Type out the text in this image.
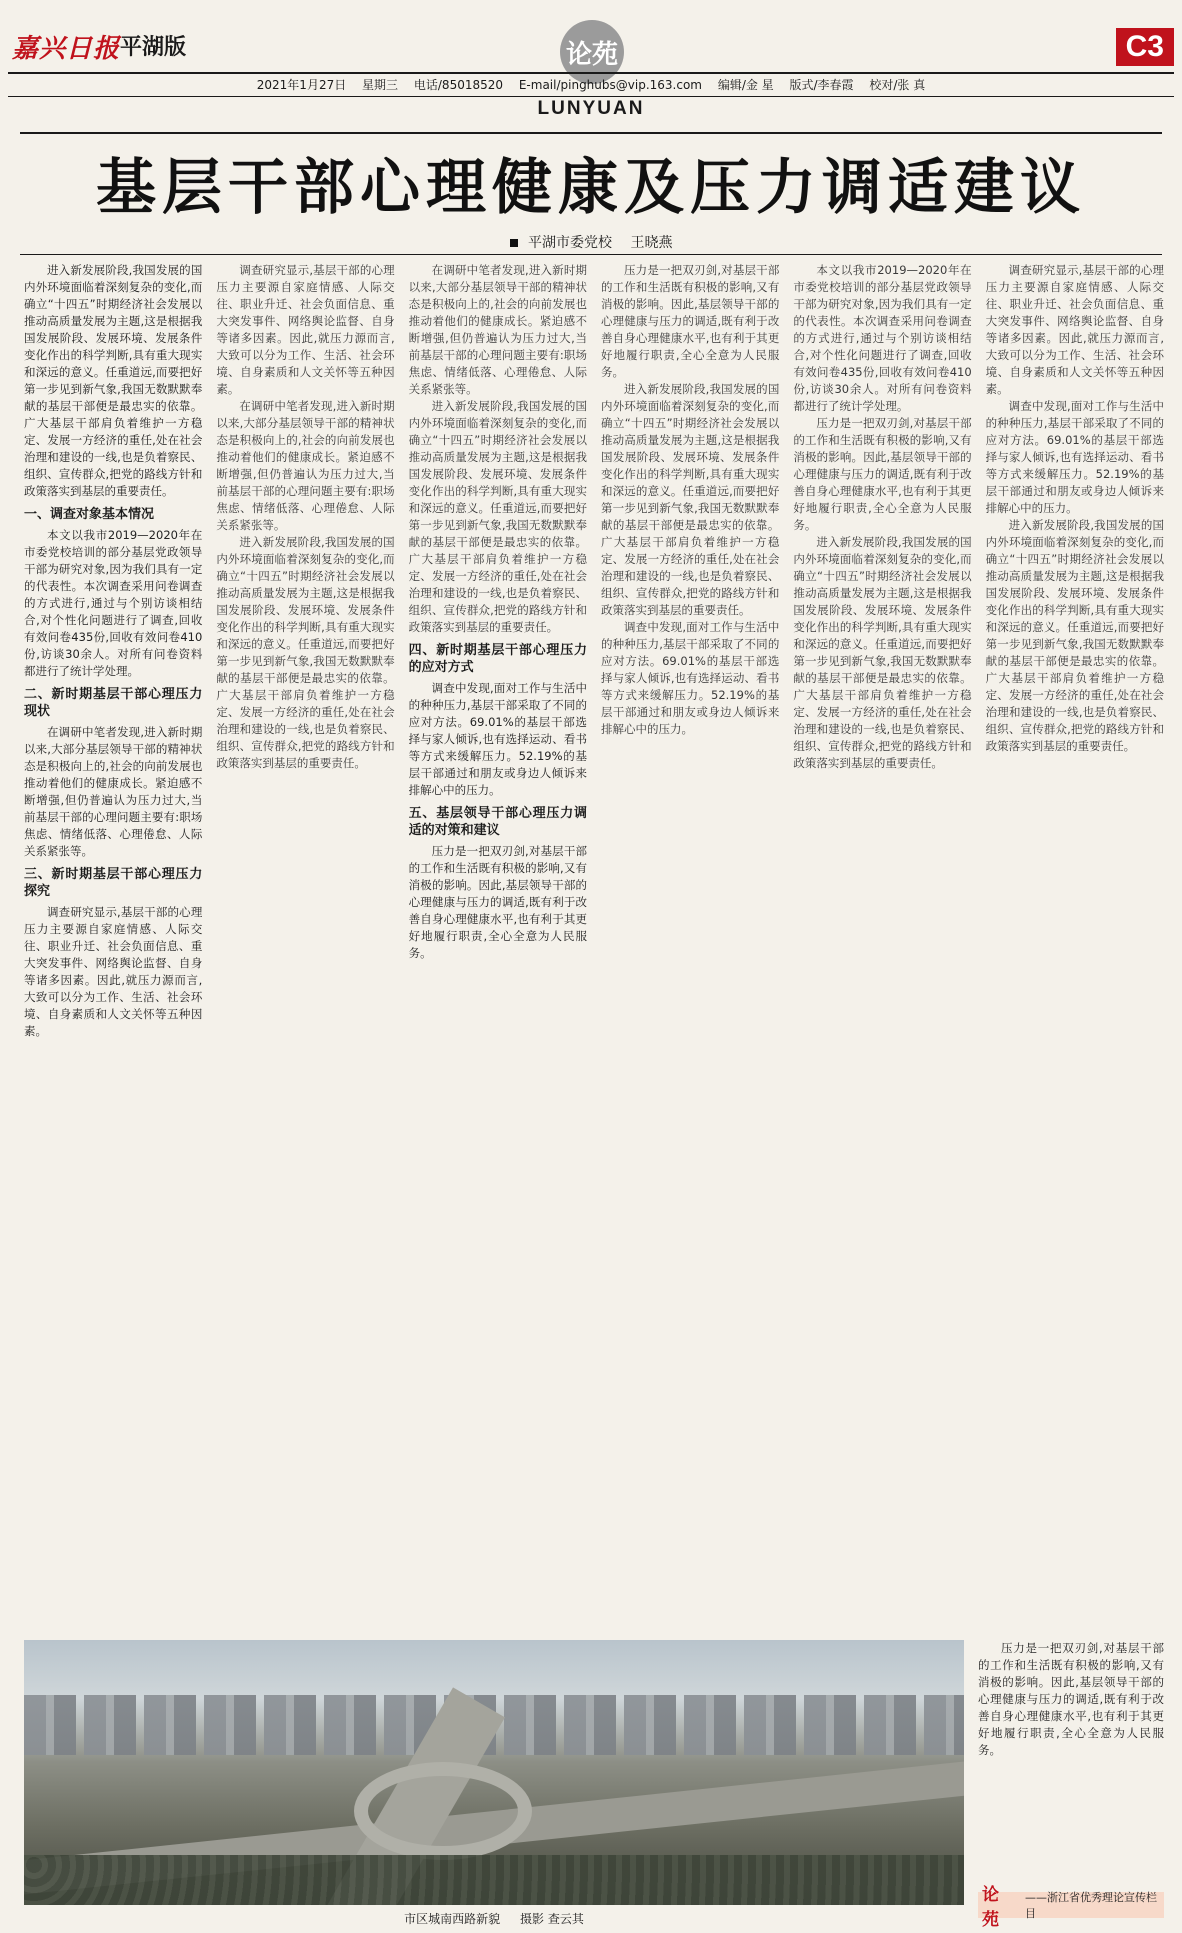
嘉兴日报 平湖版	论苑	C3
2021年1月27日 星期三 电话/85018520 E-mail/pinghubs@vip.163.com 编辑/金 星 版式/李春霞 校对/张 真
LUNYUAN
基层干部心理健康及压力调适建议
平湖市委党校 王晓燕

进入新发展阶段,我国发展的国内外环境面临着深刻复杂的变化,而确立“十四五”时期经济社会发展以推动高质量发展为主题,这是根据我国发展阶段、发展环境、发展条件变化作出的科学判断,具有重大现实和深远的意义。任重道远,而要把好第一步见到新气象,我国无数默默奉献的基层干部便是最忠实的依靠。广大基层干部肩负着维护一方稳定、发展一方经济的重任,处在社会治理和建设的一线,也是负着察民、组织、宣传群众,把党的路线方针和政策落实到基层的重要责任。

一、调查对象基本情况

本文以我市2019—2020年在市委党校培训的部分基层党政领导干部为研究对象,因为我们具有一定的代表性。本次调查采用问卷调查的方式进行,通过与个别访谈相结合,对个性化问题进行了调查,回收有效问卷435份,回收有效问卷410份,访谈30余人。对所有问卷资料都进行了统计学处理。

二、新时期基层干部心理压力现状

在调研中笔者发现,进入新时期以来,大部分基层领导干部的精神状态是积极向上的,社会的向前发展也推动着他们的健康成长。紧迫感不断增强,但仍普遍认为压力过大,当前基层干部的心理问题主要有:职场焦虑、情绪低落、心理倦怠、人际关系紧张等。

三、新时期基层干部心理压力探究

调查研究显示,基层干部的心理压力主要源自家庭情感、人际交往、职业升迁、社会负面信息、重大突发事件、网络舆论监督、自身等诸多因素。因此,就压力源而言,大致可以分为工作、生活、社会环境、自身素质和人文关怀等五种因素。

调查研究显示,基层干部的心理压力主要源自家庭情感、人际交往、职业升迁、社会负面信息、重大突发事件、网络舆论监督、自身等诸多因素。因此,就压力源而言,大致可以分为工作、生活、社会环境、自身素质和人文关怀等五种因素。

在调研中笔者发现,进入新时期以来,大部分基层领导干部的精神状态是积极向上的,社会的向前发展也推动着他们的健康成长。紧迫感不断增强,但仍普遍认为压力过大,当前基层干部的心理问题主要有:职场焦虑、情绪低落、心理倦怠、人际关系紧张等。

进入新发展阶段,我国发展的国内外环境面临着深刻复杂的变化,而确立“十四五”时期经济社会发展以推动高质量发展为主题,这是根据我国发展阶段、发展环境、发展条件变化作出的科学判断,具有重大现实和深远的意义。任重道远,而要把好第一步见到新气象,我国无数默默奉献的基层干部便是最忠实的依靠。广大基层干部肩负着维护一方稳定、发展一方经济的重任,处在社会治理和建设的一线,也是负着察民、组织、宣传群众,把党的路线方针和政策落实到基层的重要责任。

在调研中笔者发现,进入新时期以来,大部分基层领导干部的精神状态是积极向上的,社会的向前发展也推动着他们的健康成长。紧迫感不断增强,但仍普遍认为压力过大,当前基层干部的心理问题主要有:职场焦虑、情绪低落、心理倦怠、人际关系紧张等。

进入新发展阶段,我国发展的国内外环境面临着深刻复杂的变化,而确立“十四五”时期经济社会发展以推动高质量发展为主题,这是根据我国发展阶段、发展环境、发展条件变化作出的科学判断,具有重大现实和深远的意义。任重道远,而要把好第一步见到新气象,我国无数默默奉献的基层干部便是最忠实的依靠。广大基层干部肩负着维护一方稳定、发展一方经济的重任,处在社会治理和建设的一线,也是负着察民、组织、宣传群众,把党的路线方针和政策落实到基层的重要责任。

四、新时期基层干部心理压力的应对方式

调查中发现,面对工作与生活中的种种压力,基层干部采取了不同的应对方法。69.01%的基层干部选择与家人倾诉,也有选择运动、看书等方式来缓解压力。52.19%的基层干部通过和朋友或身边人倾诉来排解心中的压力。

五、基层领导干部心理压力调适的对策和建议

压力是一把双刃剑,对基层干部的工作和生活既有积极的影响,又有消极的影响。因此,基层领导干部的心理健康与压力的调适,既有利于改善自身心理健康水平,也有利于其更好地履行职责,全心全意为人民服务。

压力是一把双刃剑,对基层干部的工作和生活既有积极的影响,又有消极的影响。因此,基层领导干部的心理健康与压力的调适,既有利于改善自身心理健康水平,也有利于其更好地履行职责,全心全意为人民服务。

进入新发展阶段,我国发展的国内外环境面临着深刻复杂的变化,而确立“十四五”时期经济社会发展以推动高质量发展为主题,这是根据我国发展阶段、发展环境、发展条件变化作出的科学判断,具有重大现实和深远的意义。任重道远,而要把好第一步见到新气象,我国无数默默奉献的基层干部便是最忠实的依靠。广大基层干部肩负着维护一方稳定、发展一方经济的重任,处在社会治理和建设的一线,也是负着察民、组织、宣传群众,把党的路线方针和政策落实到基层的重要责任。

调查中发现,面对工作与生活中的种种压力,基层干部采取了不同的应对方法。69.01%的基层干部选择与家人倾诉,也有选择运动、看书等方式来缓解压力。52.19%的基层干部通过和朋友或身边人倾诉来排解心中的压力。

本文以我市2019—2020年在市委党校培训的部分基层党政领导干部为研究对象,因为我们具有一定的代表性。本次调查采用问卷调查的方式进行,通过与个别访谈相结合,对个性化问题进行了调查,回收有效问卷435份,回收有效问卷410份,访谈30余人。对所有问卷资料都进行了统计学处理。

压力是一把双刃剑,对基层干部的工作和生活既有积极的影响,又有消极的影响。因此,基层领导干部的心理健康与压力的调适,既有利于改善自身心理健康水平,也有利于其更好地履行职责,全心全意为人民服务。

进入新发展阶段,我国发展的国内外环境面临着深刻复杂的变化,而确立“十四五”时期经济社会发展以推动高质量发展为主题,这是根据我国发展阶段、发展环境、发展条件变化作出的科学判断,具有重大现实和深远的意义。任重道远,而要把好第一步见到新气象,我国无数默默奉献的基层干部便是最忠实的依靠。广大基层干部肩负着维护一方稳定、发展一方经济的重任,处在社会治理和建设的一线,也是负着察民、组织、宣传群众,把党的路线方针和政策落实到基层的重要责任。

调查研究显示,基层干部的心理压力主要源自家庭情感、人际交往、职业升迁、社会负面信息、重大突发事件、网络舆论监督、自身等诸多因素。因此,就压力源而言,大致可以分为工作、生活、社会环境、自身素质和人文关怀等五种因素。

调查中发现,面对工作与生活中的种种压力,基层干部采取了不同的应对方法。69.01%的基层干部选择与家人倾诉,也有选择运动、看书等方式来缓解压力。52.19%的基层干部通过和朋友或身边人倾诉来排解心中的压力。

进入新发展阶段,我国发展的国内外环境面临着深刻复杂的变化,而确立“十四五”时期经济社会发展以推动高质量发展为主题,这是根据我国发展阶段、发展环境、发展条件变化作出的科学判断,具有重大现实和深远的意义。任重道远,而要把好第一步见到新气象,我国无数默默奉献的基层干部便是最忠实的依靠。广大基层干部肩负着维护一方稳定、发展一方经济的重任,处在社会治理和建设的一线,也是负着察民、组织、宣传群众,把党的路线方针和政策落实到基层的重要责任。

市区城南西路新貌 摄影 查云其

压力是一把双刃剑,对基层干部的工作和生活既有积极的影响,又有消极的影响。因此,基层领导干部的心理健康与压力的调适,既有利于改善自身心理健康水平,也有利于其更好地履行职责,全心全意为人民服务。

论苑
——浙江省优秀理论宣传栏目
